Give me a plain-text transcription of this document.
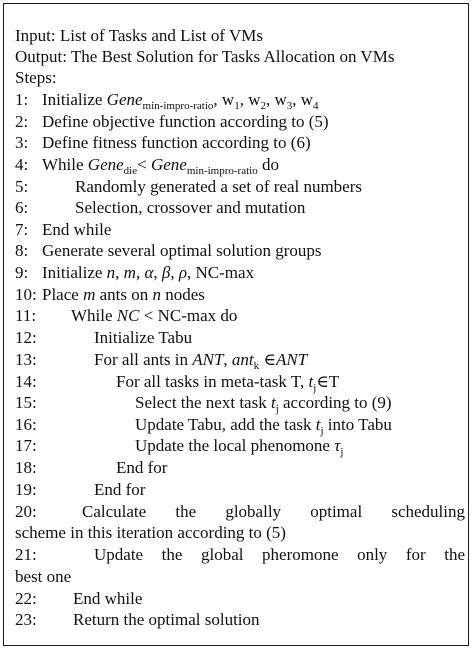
Input: List of Tasks and List of VMs
Output: The Best Solution for Tasks Allocation on VMs
Steps:
1: Initialize Gene$_{min-impro-ratio}$, $w_1$, $w_2$, $w_3$, $w_4$
2: Define objective function according to (5)
3: Define fitness function according to (6)
4: While Gene$_{die}$< Gene$_{min-impro-ratio}$ do
5:	Randomly generated a set of real numbers
6:	Selection, crossover and mutation
7: End while
8: Generate several optimal solution groups
9: Initialize n, m, α, β, ρ, NC-max
10: Place m ants on n nodes
11: While NC < NC-max do
12:	Initialize Tabu
13:	For all ants in ANT, ant$_k$ ∈ANT
14:	For all tasks in meta-task T, $t_j\in T$
15:	Select the next task $t_j$ according to (9)
16:	Update Tabu, add the task $t_j$ into Tabu
17:	Update the local phenomone $\tau_j$
18:	End for
19:	End for
20:	Calculate the globally optimal scheduling
scheme in this iteration according to (5)
21:	Update the global pheromone only for the
best one
22: End while
23: Return the optimal solution
